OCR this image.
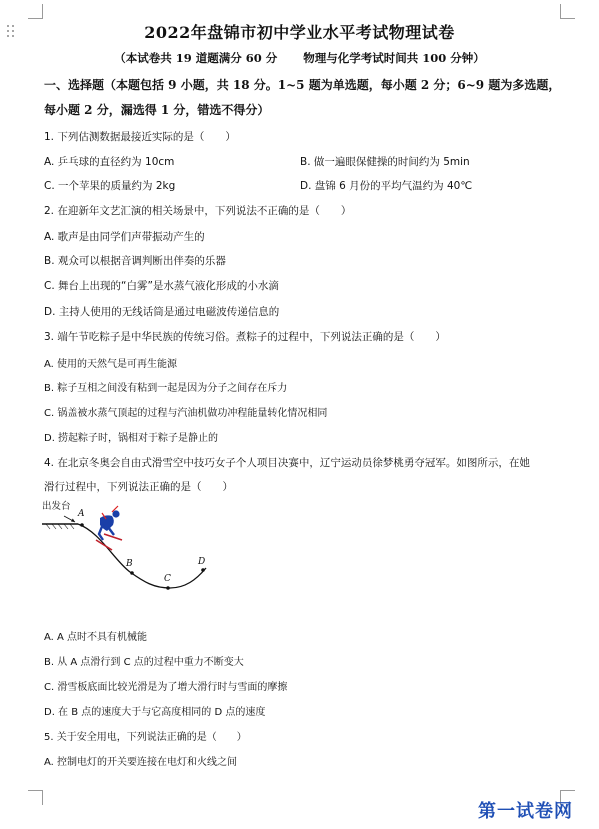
2022年盘锦市初中学业水平考试物理试卷
（本试卷共 19 道题满分 60 分 物理与化学考试时间共 100 分钟）
一、选择题（本题包括 9 小题，共 18 分。1~5 题为单选题，每小题 2 分；6~9 题为多选题，
每小题 2 分，漏选得 1 分，错选不得分）
1. 下列估测数据最接近实际的是（　　）
A. 乒乓球的直径约为 10cm	B. 做一遍眼保健操的时间约为 5min
C. 一个苹果的质量约为 2kg	D. 盘锦 6 月份的平均气温约为 40℃
2. 在迎新年文艺汇演的相关场景中，下列说法不正确的是（　　）
A. 歌声是由同学们声带振动产生的
B. 观众可以根据音调判断出伴奏的乐器
C. 舞台上出现的“白雾”是水蒸气液化形成的小水滴
D. 主持人使用的无线话筒是通过电磁波传递信息的
3. 端午节吃粽子是中华民族的传统习俗。煮粽子的过程中，下列说法正确的是（　　）
A. 使用的天然气是可再生能源
B. 粽子互相之间没有粘到一起是因为分子之间存在斥力
C. 锅盖被水蒸气顶起的过程与汽油机做功冲程能量转化情况相同
D. 捞起粽子时，锅相对于粽子是静止的
4. 在北京冬奥会自由式滑雪空中技巧女子个人项目决赛中，辽宁运动员徐梦桃勇夺冠军。如图所示，在她
滑行过程中，下列说法正确的是（　　）
出发台
A
B
C
D
A. A 点时不具有机械能
B. 从 A 点滑行到 C 点的过程中重力不断变大
C. 滑雪板底面比较光滑是为了增大滑行时与雪面的摩擦
D. 在 B 点的速度大于与它高度相同的 D 点的速度
5. 关于安全用电，下列说法正确的是（　　）
A. 控制电灯的开关要连接在电灯和火线之间
第一试卷网
